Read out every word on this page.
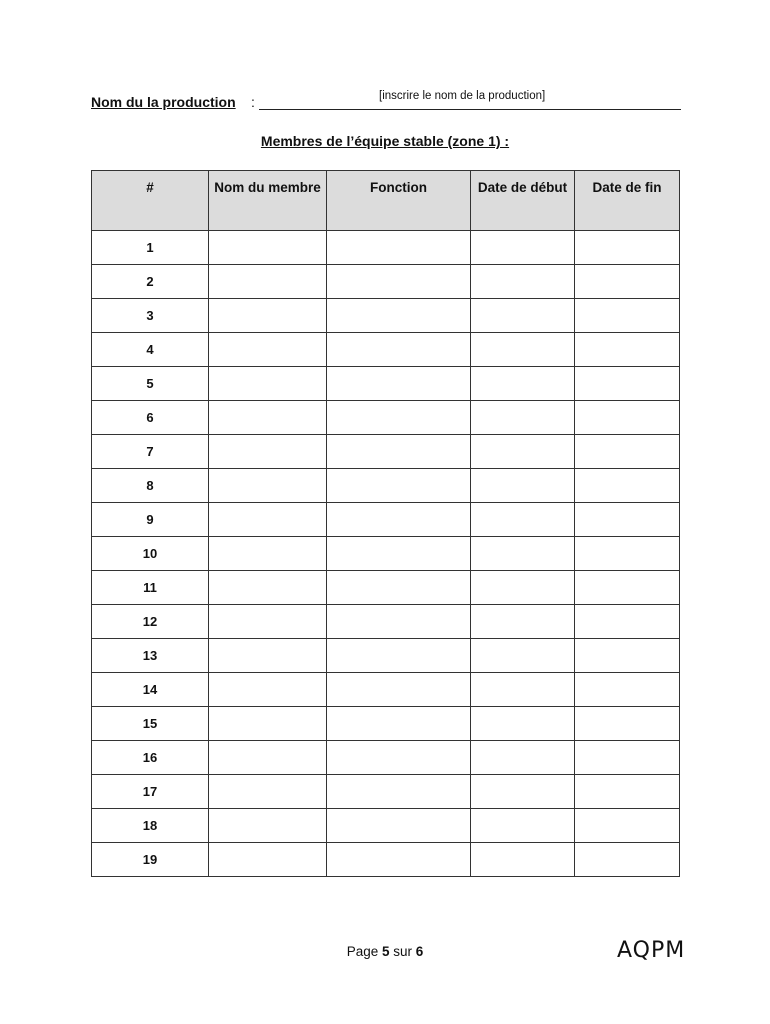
Nom du la production :	[inscrire le nom de la production]
Membres de l’équipe stable (zone 1) :
#	Nom du membre	Fonction	Date de début	Date de fin
1				
2				
3				
4				
5				
6				
7				
8				
9				
10				
11				
12				
13				
14				
15				
16				
17				
18				
19				
Page 5 sur 6	AQPM
